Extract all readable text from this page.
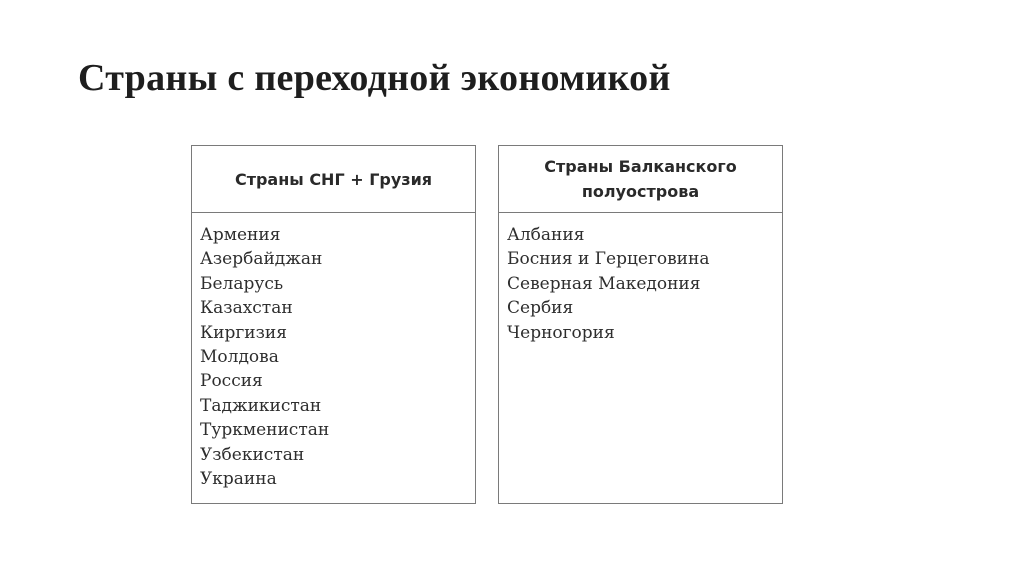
Страны с переходной экономикой
Страны СНГ + Грузия
Армения
Азербайджан
Беларусь
Казахстан
Киргизия
Молдова
Россия
Таджикистан
Туркменистан
Узбекистан
Украина
Страны Балканского полуострова
Албания
Босния и Герцеговина
Северная Македония
Сербия
Черногория
